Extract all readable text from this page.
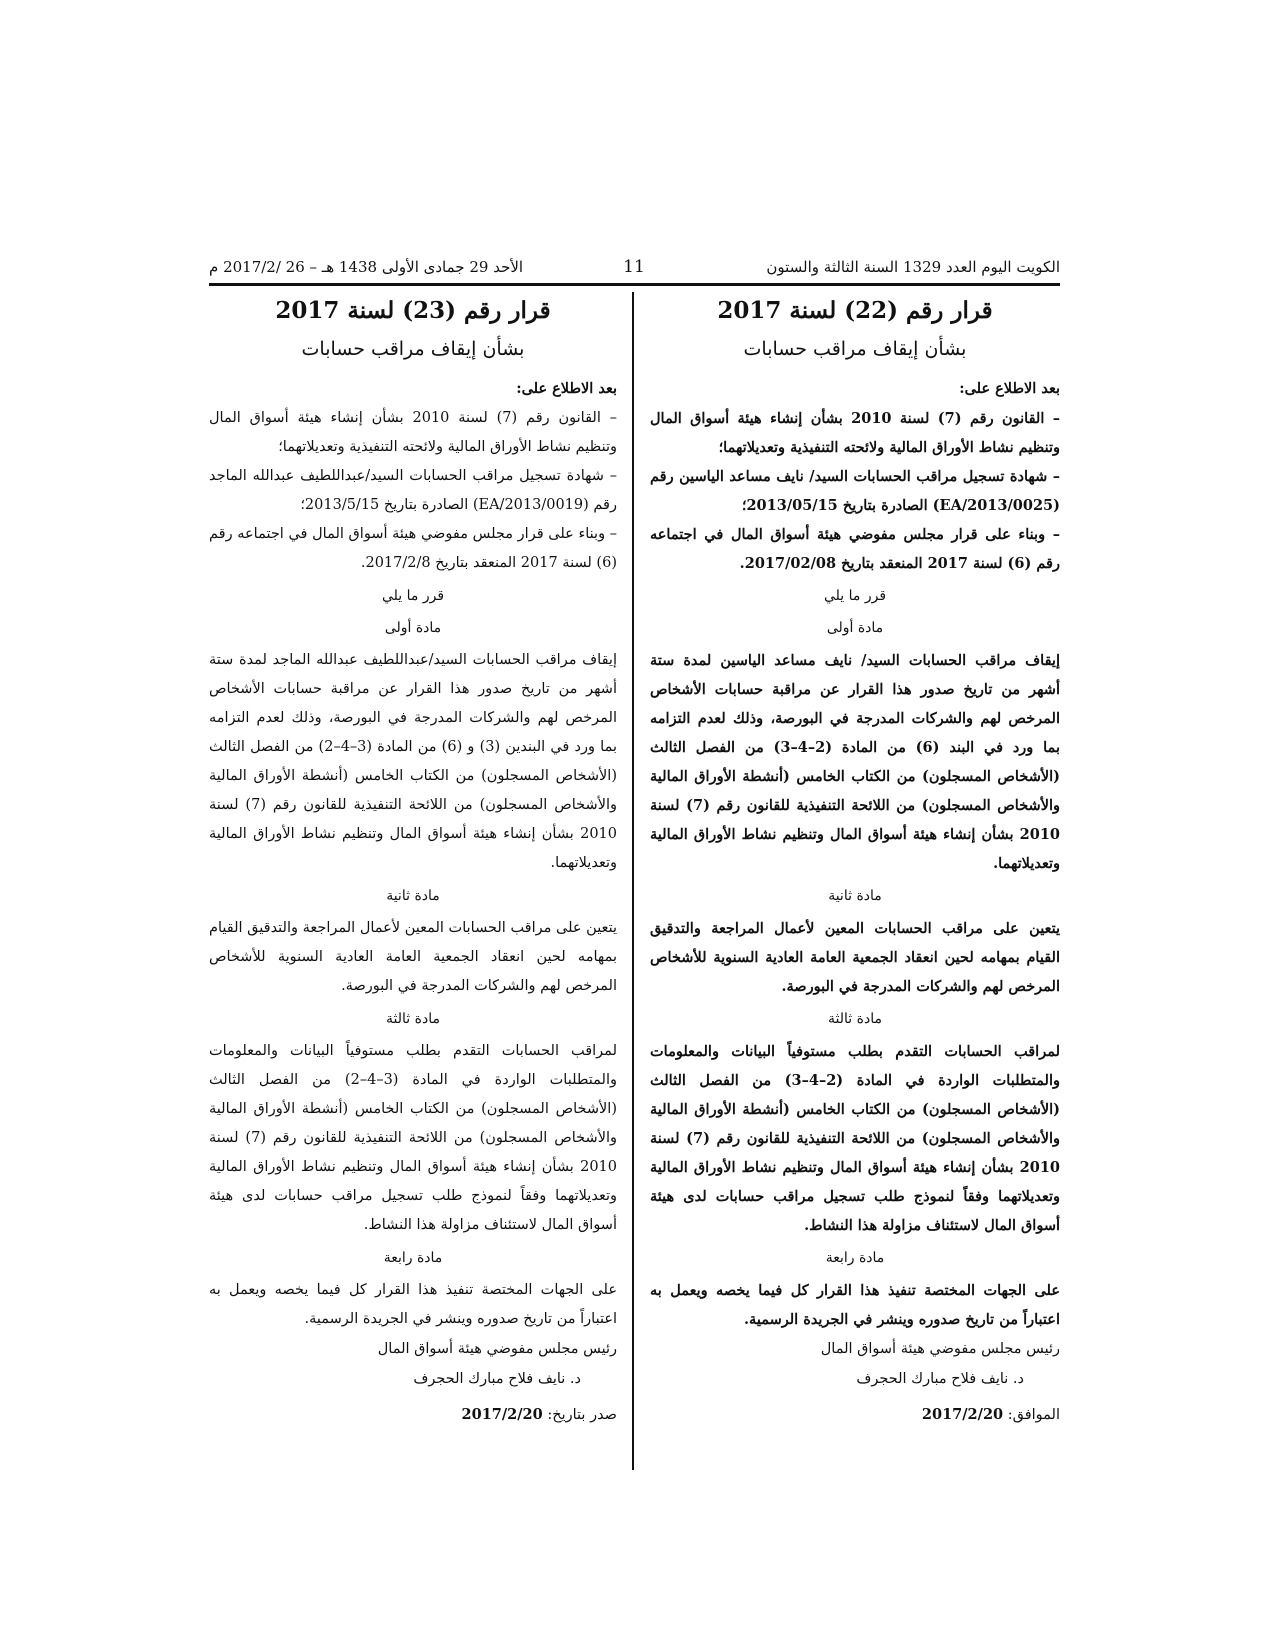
الكويت اليوم العدد 1329 السنة الثالثة والستون
11
الأحد 29 جمادى الأولى 1438 هـ – 26 /2017/2 م
قرار رقم (22) لسنة 2017
بشأن إيقاف مراقب حسابات
بعد الاطلاع على:

– القانون رقم (7) لسنة 2010 بشأن إنشاء هيئة أسواق المال وتنظيم نشاط الأوراق المالية ولائحته التنفيذية وتعديلاتهما؛

– شهادة تسجيل مراقب الحسابات السيد/ نايف مساعد الياسين رقم (EA/2013/0025) الصادرة بتاريخ 2013/05/15؛

– وبناء على قرار مجلس مفوضي هيئة أسواق المال في اجتماعه رقم (6) لسنة 2017 المنعقد بتاريخ 2017/02/08.

قرر ما يلي
مادة أولى

إيقاف مراقب الحسابات السيد/ نايف مساعد الياسين لمدة ستة أشهر من تاريخ صدور هذا القرار عن مراقبة حسابات الأشخاص المرخص لهم والشركات المدرجة في البورصة، وذلك لعدم التزامه بما ورد في البند (6) من المادة (2–4–3) من الفصل الثالث (الأشخاص المسجلون) من الكتاب الخامس (أنشطة الأوراق المالية والأشخاص المسجلون) من اللائحة التنفيذية للقانون رقم (7) لسنة 2010 بشأن إنشاء هيئة أسواق المال وتنظيم نشاط الأوراق المالية وتعديلاتهما.

مادة ثانية

يتعين على مراقب الحسابات المعين لأعمال المراجعة والتدقيق القيام بمهامه لحين انعقاد الجمعية العامة العادية السنوية للأشخاص المرخص لهم والشركات المدرجة في البورصة.

مادة ثالثة

لمراقب الحسابات التقدم بطلب مستوفياً البيانات والمعلومات والمتطلبات الواردة في المادة (2–4–3) من الفصل الثالث (الأشخاص المسجلون) من الكتاب الخامس (أنشطة الأوراق المالية والأشخاص المسجلون) من اللائحة التنفيذية للقانون رقم (7) لسنة 2010 بشأن إنشاء هيئة أسواق المال وتنظيم نشاط الأوراق المالية وتعديلاتهما وفقاً لنموذج طلب تسجيل مراقب حسابات لدى هيئة أسواق المال لاستئناف مزاولة هذا النشاط.

مادة رابعة

على الجهات المختصة تنفيذ هذا القرار كل فيما يخصه ويعمل به اعتباراً من تاريخ صدوره وينشر في الجريدة الرسمية.

رئيس مجلس مفوضي هيئة أسواق المال

د. نايف فلاح مبارك الحجرف

الموافق: 2017/2/20
قرار رقم (23) لسنة 2017
بشأن إيقاف مراقب حسابات
بعد الاطلاع على:

– القانون رقم (7) لسنة 2010 بشأن إنشاء هيئة أسواق المال وتنظيم نشاط الأوراق المالية ولائحته التنفيذية وتعديلاتهما؛

– شهادة تسجيل مراقب الحسابات السيد/عبداللطيف عبدالله الماجد رقم (EA/2013/0019) الصادرة بتاريخ 2013/5/15؛

– وبناء على قرار مجلس مفوضي هيئة أسواق المال في اجتماعه رقم (6) لسنة 2017 المنعقد بتاريخ 2017/2/8.

قرر ما يلي
مادة أولى

إيقاف مراقب الحسابات السيد/عبداللطيف عبدالله الماجد لمدة ستة أشهر من تاريخ صدور هذا القرار عن مراقبة حسابات الأشخاص المرخص لهم والشركات المدرجة في البورصة، وذلك لعدم التزامه بما ورد في البندين (3) و (6) من المادة (3–4–2) من الفصل الثالث (الأشخاص المسجلون) من الكتاب الخامس (أنشطة الأوراق المالية والأشخاص المسجلون) من اللائحة التنفيذية للقانون رقم (7) لسنة 2010 بشأن إنشاء هيئة أسواق المال وتنظيم نشاط الأوراق المالية وتعديلاتهما.

مادة ثانية

يتعين على مراقب الحسابات المعين لأعمال المراجعة والتدقيق القيام بمهامه لحين انعقاد الجمعية العامة العادية السنوية للأشخاص المرخص لهم والشركات المدرجة في البورصة.

مادة ثالثة

لمراقب الحسابات التقدم بطلب مستوفياً البيانات والمعلومات والمتطلبات الواردة في المادة (3–4–2) من الفصل الثالث (الأشخاص المسجلون) من الكتاب الخامس (أنشطة الأوراق المالية والأشخاص المسجلون) من اللائحة التنفيذية للقانون رقم (7) لسنة 2010 بشأن إنشاء هيئة أسواق المال وتنظيم نشاط الأوراق المالية وتعديلاتهما وفقاً لنموذج طلب تسجيل مراقب حسابات لدى هيئة أسواق المال لاستئناف مزاولة هذا النشاط.

مادة رابعة

على الجهات المختصة تنفيذ هذا القرار كل فيما يخصه ويعمل به اعتباراً من تاريخ صدوره وينشر في الجريدة الرسمية.

رئيس مجلس مفوضي هيئة أسواق المال

د. نايف فلاح مبارك الحجرف

صدر بتاريخ: 2017/2/20
